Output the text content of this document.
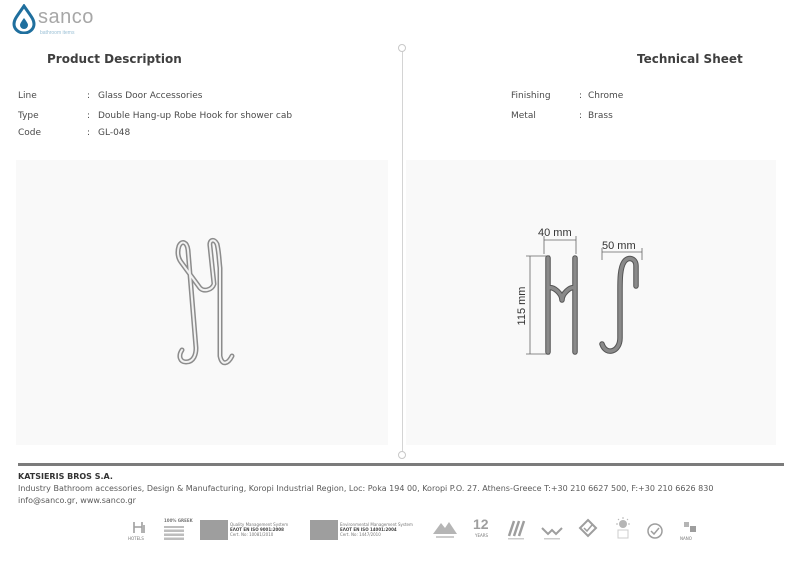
sanco
bathroom items
Product Description	Technical Sheet
Line	: Glass Door Accessories
Type	: Double Hang-up Robe Hook for shower cab
Code	: GL-048
Finishing	: Chrome
Metal	: Brass
40 mm
50 mm
115 mm
KATSIERIS BROS S.A.
Industry Bathroom accessories, Design & Manufacturing, Koropi Industrial Region, Loc: Poka 194 00, Koropi P.O. 27. Athens-Greece T:+30 210 6627 500, F:+30 210 6626 830
info@sanco.gr, www.sanco.gr
HOTELS
100% GREEK
Quality Management System
ΕΛΟΤ EN ISO 9001:2008
Cert. No: 10081/2010
Environmental Management System
ΕΛΟΤ EN ISO 14001:2004
Cert. No: 1447/2010
12
YEARS
NANO
